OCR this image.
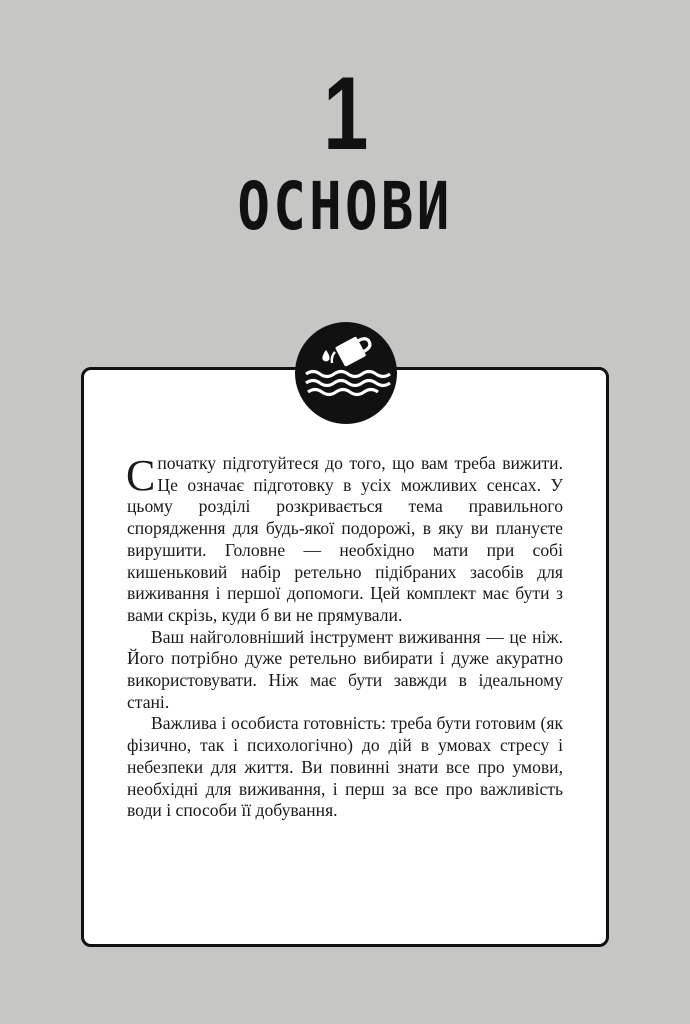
1
ОСНОВИ

Спочатку підготуйтеся до того, що вам треба вижити. Це означає підготовку в усіх можливих сенсах. У цьому розділі розкривається тема правильного спорядження для будь-якої подорожі, в яку ви плануєте вирушити. Головне — необхідно мати при собі кишеньковий набір ретельно підібраних засобів для виживання і першої допомоги. Цей комплект має бути з вами скрізь, куди б ви не прямували.

Ваш найголовніший інструмент виживання — це ніж. Його потрібно дуже ретельно вибирати і дуже акуратно використовувати. Ніж має бути завжди в ідеальному стані.

Важлива і особиста готовність: треба бути готовим (як фізично, так і психологічно) до дій в умовах стресу і небезпеки для життя. Ви повинні знати все про умови, необхідні для виживання, і перш за все про важливість води і способи її добування.
